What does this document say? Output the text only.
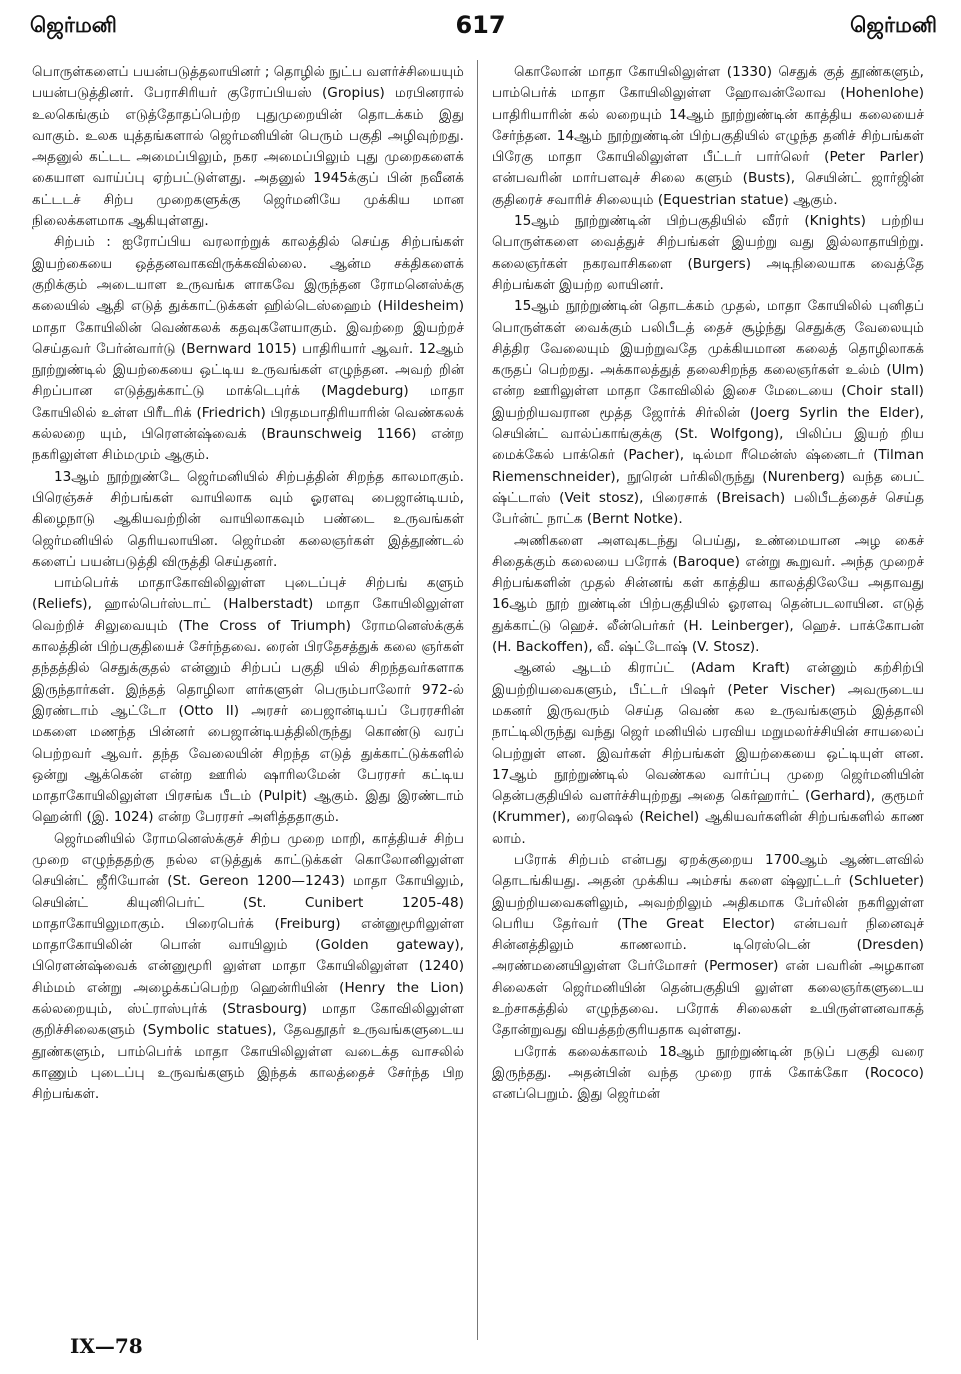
617
ஜெர்மனி	ஜெர்மனி

பொருள்களைப் பயன்படுத்தலாயினர் ; தொழில் நுட்ப வளர்ச்சியையும் பயன்படுத்தினர். பேராசிரியர் குரோப்பியஸ் (Gropius) மரபினரால் உலகெங்கும் எடுத்தோதப்பெற்ற புதுமுறையின் தொடக்கம் இது வாகும். உலக யுத்தங்களால் ஜெர்மனியின் பெரும் பகுதி அழிவுற்றது. அதனுல் கட்டட அமைப்பிலும், நகர அமைப்பிலும் புது முறைகளைக் கையாள வாய்ப்பு ஏற்பட்டுள்ளது. அதனுல் 1945க்குப் பின் நவீனக் கட்டடச் சிற்ப முறைகளுக்கு ஜெர்மனியே முக்கிய மான நிலைக்களமாக ஆகியுள்ளது.

சிற்பம் : ஐரோப்பிய வரலாற்றுக் காலத்தில் செய்த சிற்பங்கள் இயற்கையை ஒத்தனவாகவிருக்கவில்லை. ஆன்ம சக்திகளைக் குறிக்கும் அடையாள உருவங்க ளாகவே இருந்தன ரோமனெஸ்க்கு கலையில் ஆதி எடுத் துக்காட்டுக்கள் ஹில்டெஸ்ஹைம் (Hildesheim) மாதா கோயிலின் வெண்கலக் கதவுகளேயாகும். இவற்றை இயற்றச் செய்தவர் பேர்ன்வார்டு (Bernward 1015) பாதிரியார் ஆவர். 12ஆம் நூற்றுண்டில் இயற்கையை ஒட்டிய உருவங்கள் எழுந்தன. அவற் றின் சிறப்பான எடுத்துக்காட்டு மாக்டெபுர்க் (Magdeburg) மாதா கோயிலில் உள்ள பிரீடரிக் (Friedrich) பிரதமபாதிரியாரின் வெண்கலக் கல்லறை யும், பிரௌன்ஷ்வைக் (Braunschweig 1166) என்ற நகரிலுள்ள சிம்மமும் ஆகும்.

13ஆம் நூற்றுண்டே ஜெர்மனியில் சிற்பத்தின் சிறந்த காலமாகும். பிரெஞ்சுச் சிற்பங்கள் வாயிலாக வும் ஓரளவு பைஜான்டியம், கிழைநாடு ஆகியவற்றின் வாயிலாகவும் பண்டை உருவங்கள் ஜெர்மனியில் தெரியலாயின. ஜெர்மன் கலைஞர்கள் இத்தூண்டல் களைப் பயன்படுத்தி விருத்தி செய்தனர்.

பாம்பெர்க் மாதாகோவிலிலுள்ள புடைப்புச் சிற்பங் களும் (Reliefs), ஹால்பெர்ஸ்டாட் (Halberstadt) மாதா கோயிலிலுள்ள வெற்றிச் சிலுவையும் (The Cross of Triumph) ரோமனெஸ்க்குக் காலத்தின் பிற்பகுதியைச் சேர்ந்தவை. ரைன் பிரதேசத்துக் கலை ஞர்கள் தந்தத்தில் செதுக்குதல் என்னும் சிற்பப் பகுதி யில் சிறந்தவர்களாக இருந்தார்கள். இந்தத் தொழிலா ளர்களுள் பெரும்பாலோர் 972-ல் இரண்டாம் ஆட்டோ (Otto II) அரசர் பைஜான்டியப் பேரரசரின் மகளை மணந்த பின்னர் பைஜான்டியத்திலிருந்து கொண்டு வரப் பெற்றவர் ஆவர். தந்த வேலையின் சிறந்த எடுத் துக்காட்டுக்களில் ஒன்று ஆக்கென் என்ற ஊரில் ஷாரிலமேன் பேரரசர் கட்டிய மாதாகோயிலிலுள்ள பிரசங்க பீடம் (Pulpit) ஆகும். இது இரண்டாம் ஹென்ரி (இ. 1024) என்ற பேரரசர் அளித்ததாகும்.

ஜெர்மனியில் ரோமனெஸ்க்குச் சிற்ப முறை மாறி, காத்தியச் சிற்ப முறை எழுந்ததற்கு நல்ல எடுத்துக் காட்டுக்கள் கொலோனிலுள்ள செயின்ட் ஜீரியோன் (St. Gereon 1200—1243) மாதா கோயிலும், செயின்ட் கியுனிபெர்ட் (St. Cunibert 1205-48) மாதாகோயிலுமாகும். பிரைபெர்க் (Freiburg) என்னுமூரிலுள்ள மாதாகோயிலின் பொன் வாயிலும் (Golden gateway), பிரௌன்ஷ்வைக் என்னுமூரி லுள்ள மாதா கோயிலிலுள்ள (1240) சிம்மம் என்று அழைக்கப்பெற்ற ஹென்ரியின் (Henry the Lion) கல்லறையும், ஸ்ட்ராஸ்புர்க் (Strasbourg) மாதா கோவிலிலுள்ள குறிச்சிலைகளும் (Symbolic statues), தேவதூதர் உருவங்களுடைய தூண்களும், பாம்பெர்க் மாதா கோயிலிலுள்ள வடைக்த வாசலில் காணும் புடைப்பு உருவங்களும் இந்தக் காலத்தைச் சேர்ந்த பிற சிற்பங்கள்.

கொலோன் மாதா கோயிலிலுள்ள (1330) செதுக் குத் தூண்களும், பாம்பெர்க் மாதா கோயிலிலுள்ள ஹோவன்லோவ (Hohenlohe) பாதிரியாரின் கல் லறையும் 14ஆம் நூற்றுண்டின் காத்திய கலையைச் சேர்ந்தன. 14ஆம் நூற்றுண்டின் பிற்பகுதியில் எழுந்த தனிச் சிற்பங்கள் பிரேகு மாதா கோயிலிலுள்ள பீட்டர் பார்லெர் (Peter Parler) என்பவரின் மார்பளவுச் சிலை களும் (Busts), செயின்ட் ஜார்ஜின் குதிரைச் சவாரிச் சிலையும் (Equestrian statue) ஆகும்.

15ஆம் நூற்றுண்டின் பிற்பகுதியில் வீரர் (Knights) பற்றிய பொருள்களை வைத்துச் சிற்பங்கள் இயற்று வது இல்லாதாயிற்று. கலைஞர்கள் நகரவாசிகளை (Burgers) அடிநிலையாக வைத்தே சிற்பங்கள் இயற்ற லாயினர்.

15ஆம் நூற்றுண்டின் தொடக்கம் முதல், மாதா கோயிலில் புனிதப் பொருள்கள் வைக்கும் பலிபீடத் தைச் சூழ்ந்து செதுக்கு வேலையும் சித்திர வேலையும் இயற்றுவதே முக்கியமான கலைத் தொழிலாகக் கருதப் பெற்றது. அக்காலத்துத் தலைசிறந்த கலைஞர்கள் உல்ம் (Ulm) என்ற ஊரிலுள்ள மாதா கோவிலில் இசை மேடையை (Choir stall) இயற்றியவரான மூத்த ஜோர்க் சிர்லின் (Joerg Syrlin the Elder), செயின்ட் வால்ப்காங்குக்கு (St. Wolfgong), பிலிப்ப இயற் றிய மைக்கேல் பாக்கெர் (Pacher), டில்மா ரீமென்ஸ் ஷ்னைடர் (Tilman Riemenschneider), நூரென் பர்கிலிருந்து (Nurenberg) வந்த பைட் ஷ்ட்டாஸ் (Veit stosz), பிரைசாக் (Breisach) பலிபீடத்தைச் செய்த பேர்ன்ட் நாட்க (Bernt Notke).

அணிகளை அளவுகடந்து பெய்து, உண்மையான அழ கைச் சிதைக்கும் கலையை பரோக் (Baroque) என்று கூறுவர். அந்த முறைச் சிற்பங்களின் முதல் சின்னங் கள் காத்திய காலத்திலேயே அதாவது 16ஆம் நூற் றுண்டின் பிற்பகுதியில் ஓரளவு தென்படலாயின. எடுத் துக்காட்டு ஹெச். லீன்பெர்கர் (H. Leinberger), ஹெச். பாக்கோபன் (H. Backoffen), வீ. ஷ்ட்டோஷ் (V. Stosz).

ஆனல் ஆடம் கிராப்ட் (Adam Kraft) என்னும் கற்சிற்பி இயற்றியவைகளும், பீட்டர் பிஷர் (Peter Vischer) அவருடைய மகனர் இருவரும் செய்த வெண் கல உருவங்களும் இத்தாலி நாட்டிலிருந்து வந்து ஜெர் மனியில் பரவிய மறுமலர்ச்சியின் சாயலைப் பெற்றுள் ளன. இவர்கள் சிற்பங்கள் இயற்கையை ஒட்டியுள் ளன. 17ஆம் நூற்றுண்டில் வெண்கல வார்ப்பு முறை ஜெர்மனியின் தென்பகுதியில் வளர்ச்சியுற்றது அதை கெர்ஹார்ட் (Gerhard), குரூமர் (Krummer), ரைஷெல் (Reichel) ஆகியவர்களின் சிற்பங்களில் காண லாம்.

பரோக் சிற்பம் என்பது ஏறக்குறைய 1700ஆம் ஆண்டளவில் தொடங்கியது. அதன் முக்கிய அம்சங் களை ஷ்லூட்டர் (Schlueter) இயற்றியவைகளிலும், அவற்றிலும் அதிகமாக பேர்லின் நகரிலுள்ள பெரிய தேர்வர் (The Great Elector) என்பவர் நினைவுச் சின்னத்திலும் காணலாம். டிரெஸ்டென் (Dresden) அரண்மனையிலுள்ள பேர்மோசர் (Permoser) என் பவரின் அழகான சிலைகள் ஜெர்மனியின் தென்பகுதியி லுள்ள கலைஞர்களுடைய உற்சாகத்தில் எழுந்தவை. பரோக் சிலைகள் உயிருள்ளனவாகத் தோன்றுவது வியத்தற்குரியதாக வுள்ளது.

பரோக் கலைக்காலம் 18ஆம் நூற்றுண்டின் நடுப் பகுதி வரை இருந்தது. அதன்பின் வந்த முறை ராக் கோக்கோ (Rococo) எனப்பெறும். இது ஜெர்மன்

IX—78
